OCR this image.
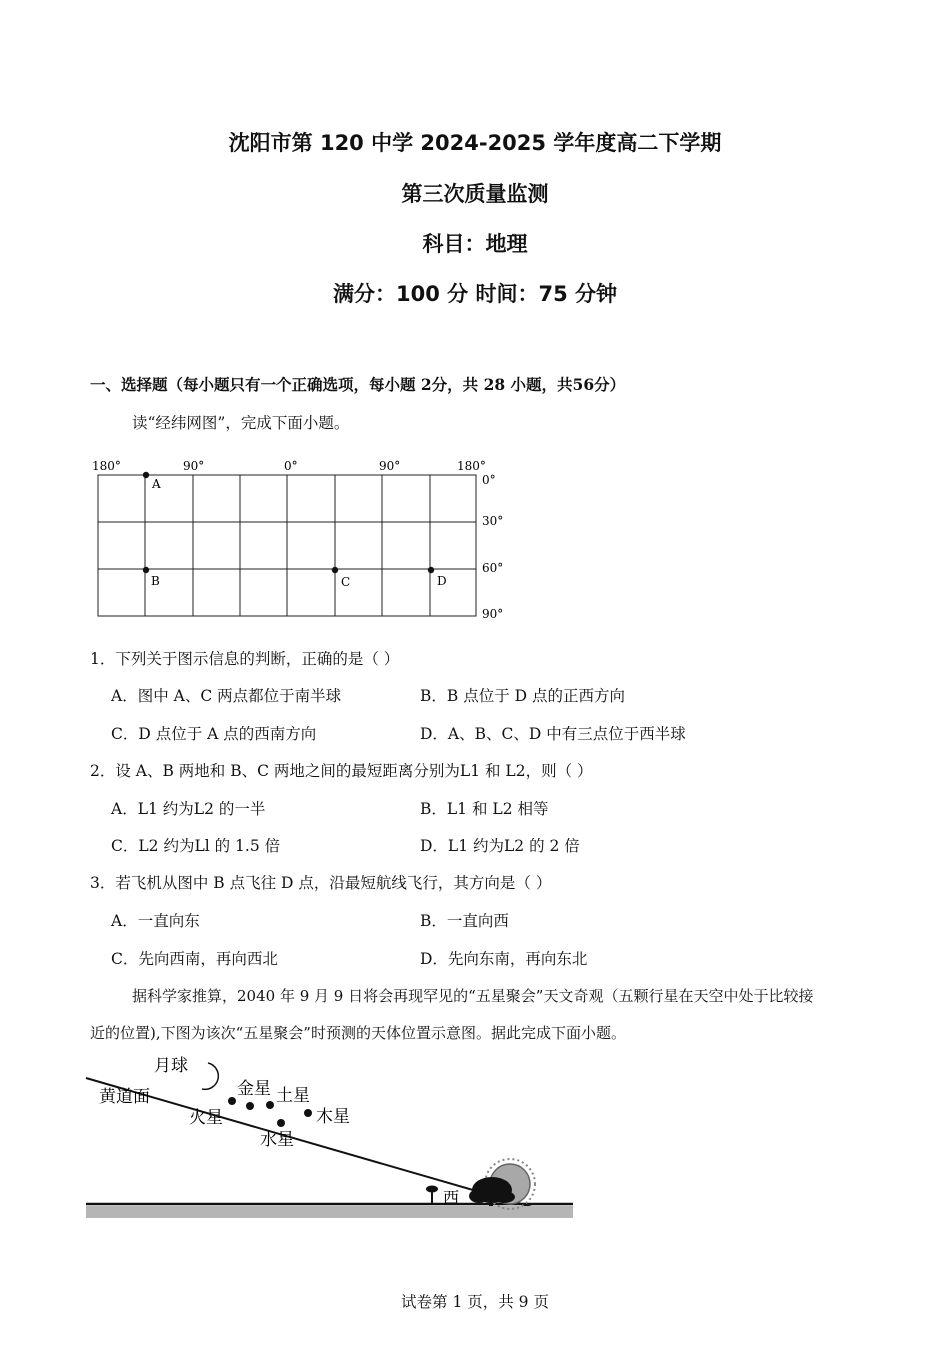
沈阳市第 120 中学 2024-2025 学年度高二下学期
第三次质量监测
科目：地理
满分：100 分 时间：75 分钟
一、选择题（每小题只有一个正确选项，每小题 2分，共 28 小题，共56分）
读“经纬网图”，完成下面小题。
180°	90°	0°	90°	180°
0°
30°
60°
90°
A
B	C	D
1．下列关于图示信息的判断，正确的是（ ）
A．图中 A、C 两点都位于南半球	B．B 点位于 D 点的正西方向
C．D 点位于 A 点的西南方向	D．A、B、C、D 中有三点位于西半球
2．设 A、B 两地和 B、C 两地之间的最短距离分别为L1 和 L2，则（ ）
A．L1 约为L2 的一半	B．L1 和 L2 相等
C．L2 约为Ll 的 1.5 倍	D．L1 约为L2 的 2 倍
3．若飞机从图中 B 点飞往 D 点，沿最短航线飞行，其方向是（ ）
A．一直向东	B．一直向西
C．先向西南，再向西北	D．先向东南，再向东北
据科学家推算，2040 年 9 月 9 日将会再现罕见的“五星聚会”天文奇观（五颗行星在天空中处于比较接
近的位置),下图为该次“五星聚会”时预测的天体位置示意图。据此完成下面小题。
月球
黄道面	金星 土星
火星	木星
水星
西
试卷第 1 页，共 9 页
